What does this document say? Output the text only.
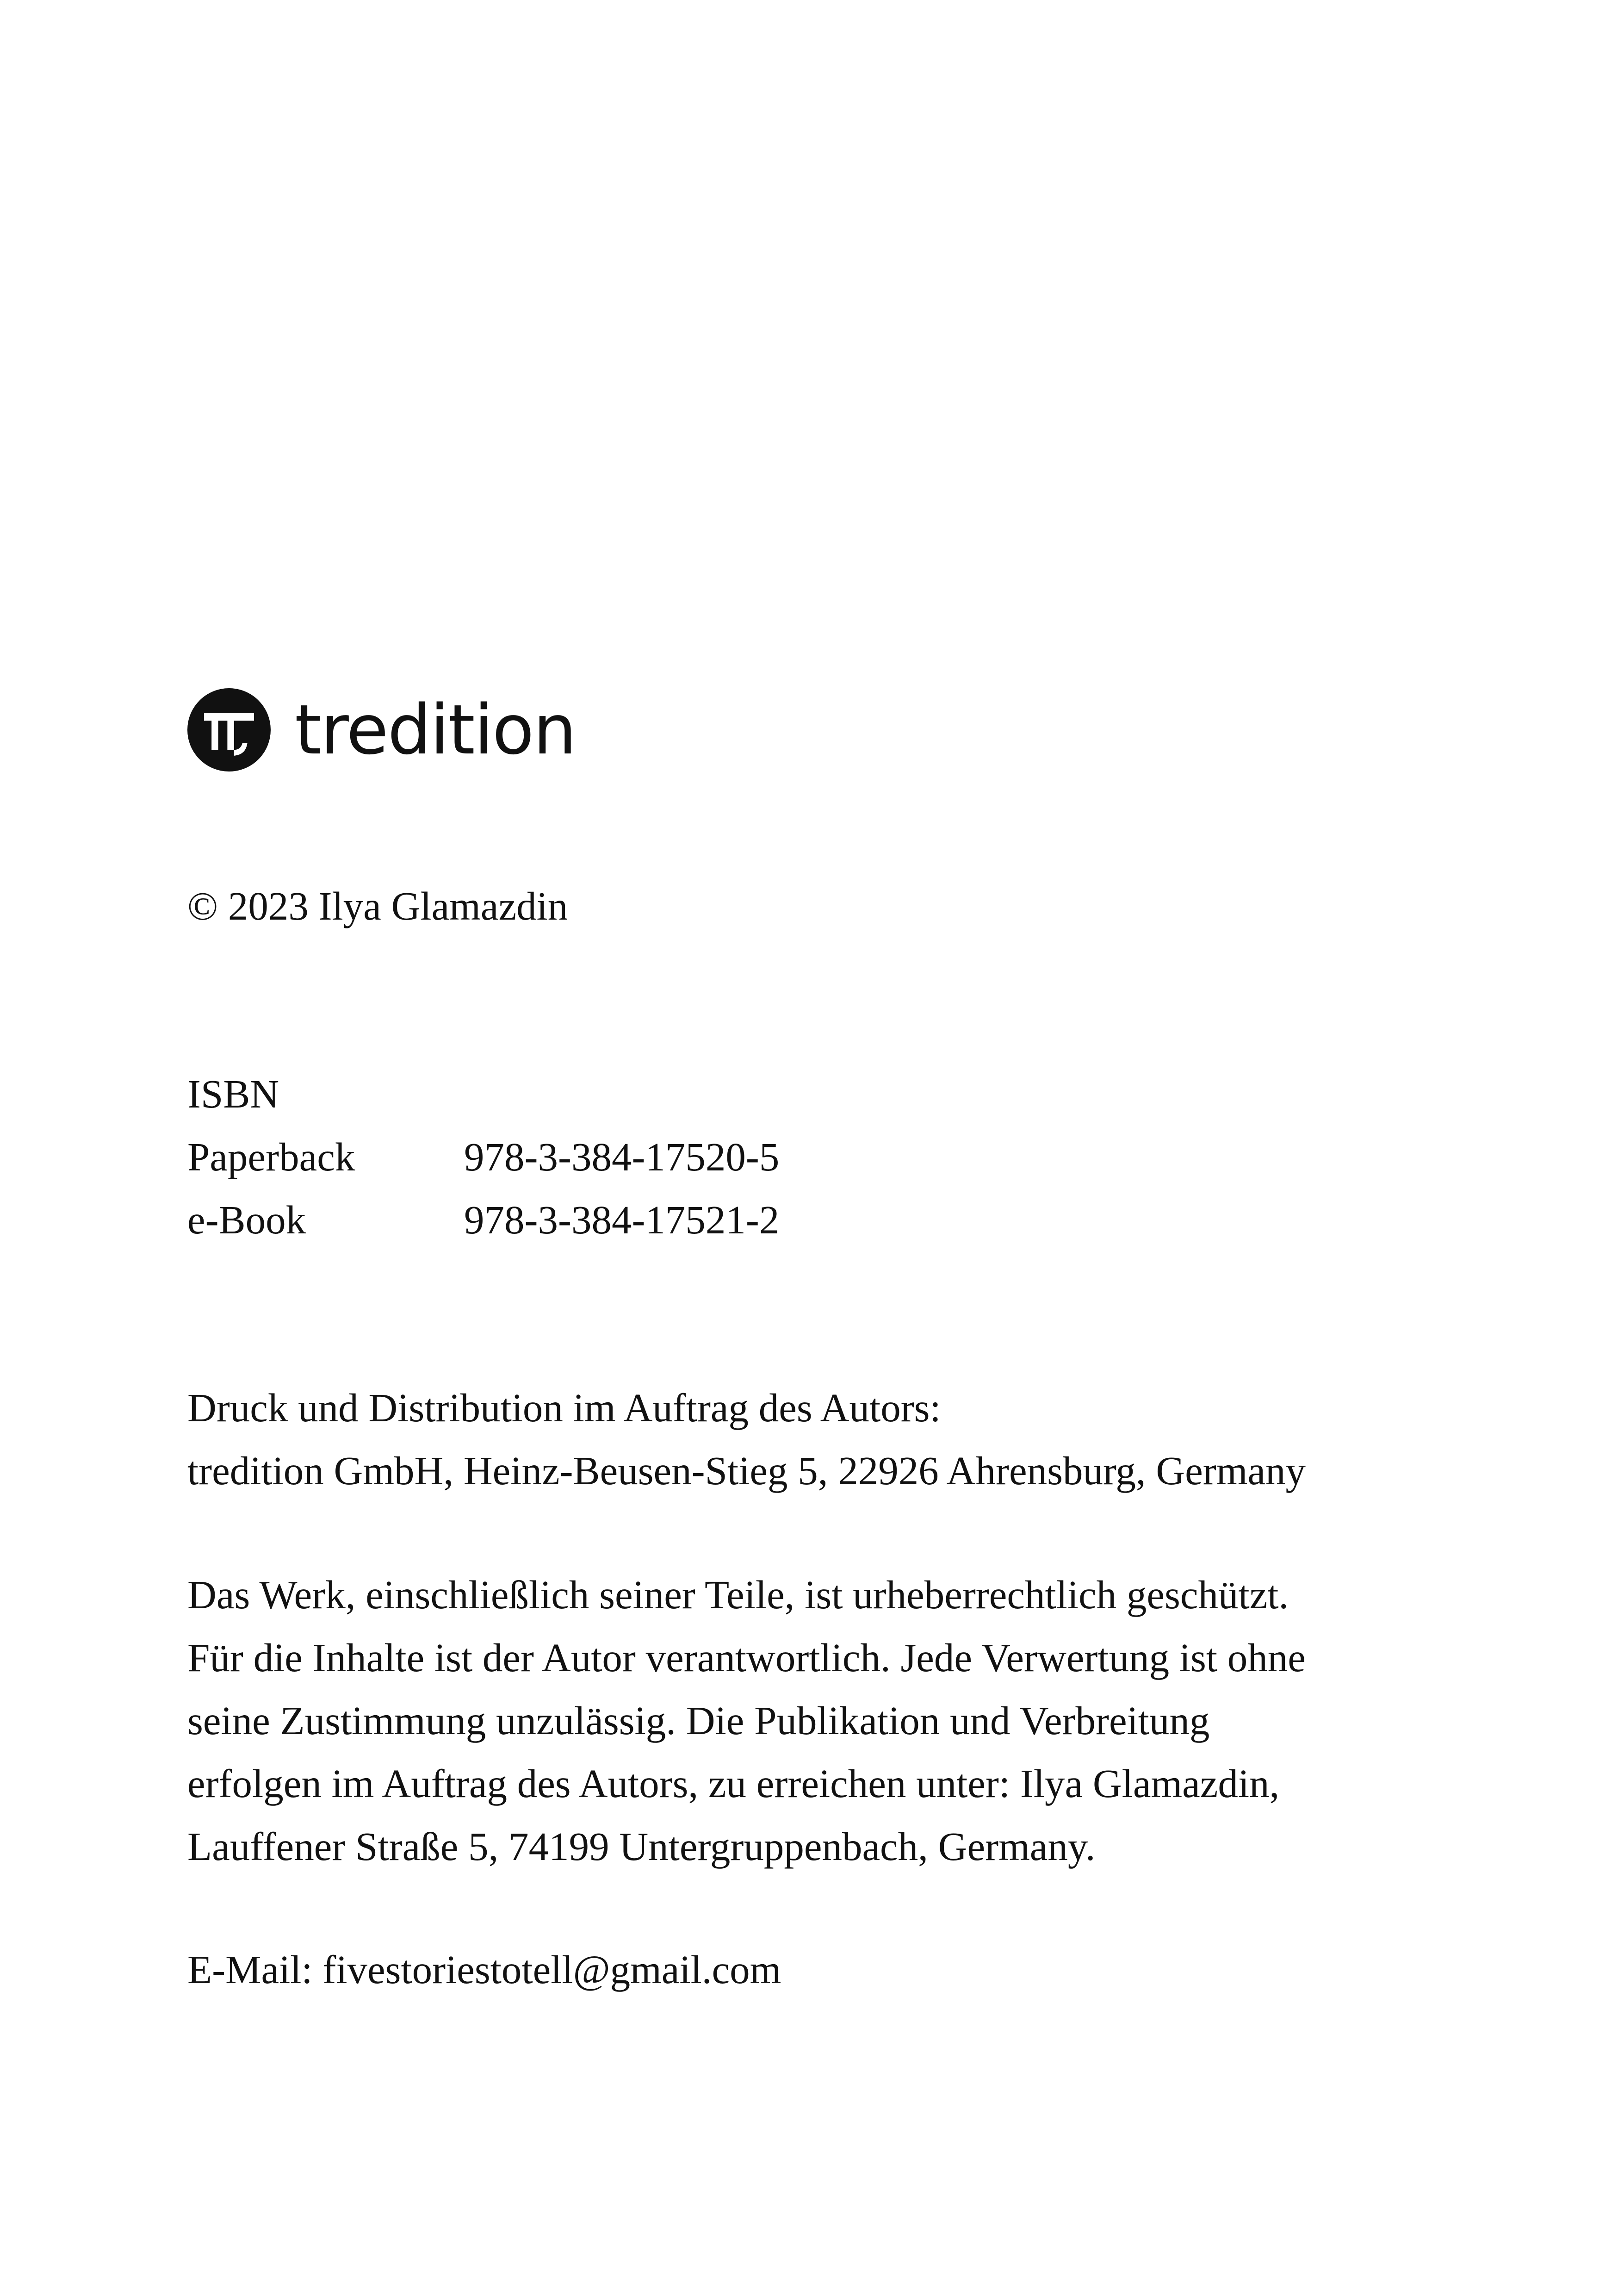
tredition

© 2023 Ilya Glamazdin

ISBN
Paperback	978-3-384-17520-5
e-Book	978-3-384-17521-2
Druck und Distribution im Auftrag des Autors:
tredition GmbH, Heinz-Beusen-Stieg 5, 22926 Ahrensburg, Germany
Das Werk, einschließlich seiner Teile, ist urheberrechtlich geschützt.
Für die Inhalte ist der Autor verantwortlich. Jede Verwertung ist ohne
seine Zustimmung unzulässig. Die Publikation und Verbreitung
erfolgen im Auftrag des Autors, zu erreichen unter: Ilya Glamazdin,
Lauffener Straße 5, 74199 Untergruppenbach, Germany.

E-Mail: fivestoriestotell@gmail.com
